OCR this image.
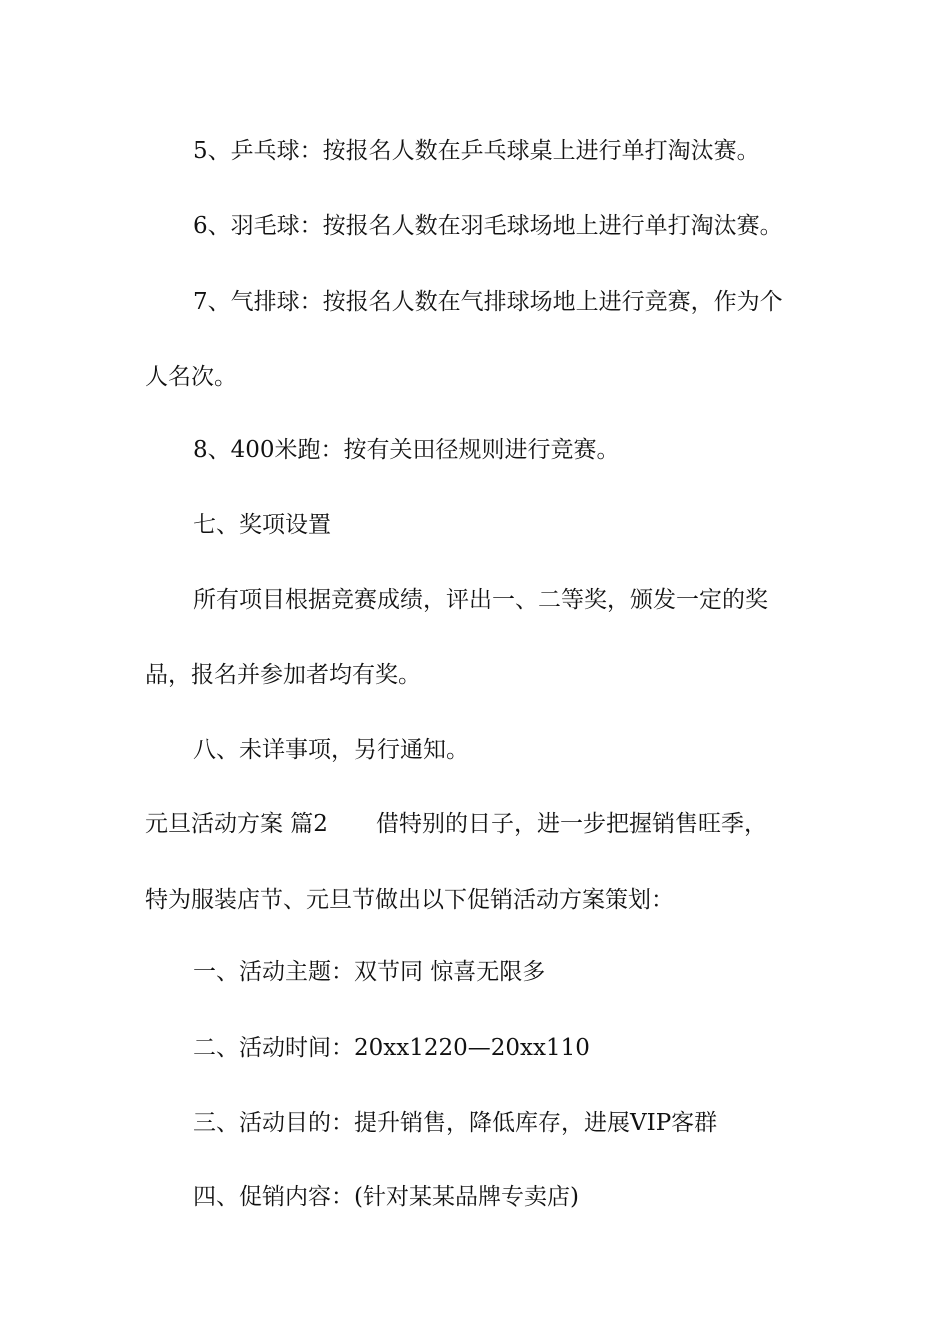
5、乒乓球：按报名人数在乒乓球桌上进行单打淘汰赛。
6、羽毛球：按报名人数在羽毛球场地上进行单打淘汰赛。
7、气排球：按报名人数在气排球场地上进行竞赛，作为个
人名次。
8、400米跑：按有关田径规则进行竞赛。
七、奖项设置
所有项目根据竞赛成绩，评出一、二等奖，颁发一定的奖
品，报名并参加者均有奖。
八、未详事项，另行通知。
元旦活动方案 篇2 借特别的日子，进一步把握销售旺季，
特为服装店节、元旦节做出以下促销活动方案策划：
一、活动主题：双节同 惊喜无限多
二、活动时间：20xx1220—20xx110
三、活动目的：提升销售，降低库存，进展VIP客群
四、促销内容：(针对某某品牌专卖店)
